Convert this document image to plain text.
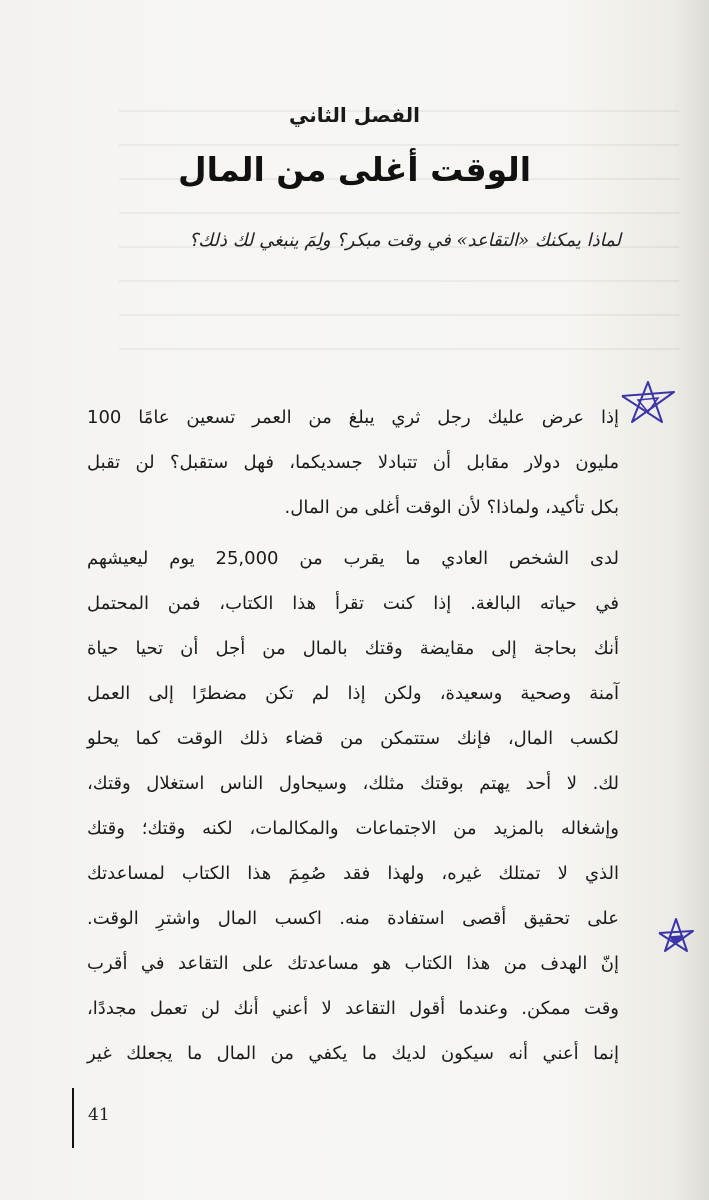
الفصل الثاني
الوقت أغلى من المال
لماذا يمكنك «التقاعد» في وقت مبكر؟ ولِمَ ينبغي لك ذلك؟

إذا عرض عليك رجل ثري يبلغ من العمر تسعين عامًا 100
مليون دولار مقابل أن تتبادلا جسديكما، فهل ستقبل؟ لن تقبل
بكل تأكيد، ولماذا؟ لأن الوقت أغلى من المال.

لدى الشخص العادي ما يقرب من 25,000 يوم ليعيشهم
في حياته البالغة. إذا كنت تقرأ هذا الكتاب، فمن المحتمل
أنك بحاجة إلى مقايضة وقتك بالمال من أجل أن تحيا حياة
آمنة وصحية وسعيدة، ولكن إذا لم تكن مضطرًا إلى العمل
لكسب المال، فإنك ستتمكن من قضاء ذلك الوقت كما يحلو
لك. لا أحد يهتم بوقتك مثلك، وسيحاول الناس استغلال وقتك،
وإشغاله بالمزيد من الاجتماعات والمكالمات، لكنه وقتك؛ وقتك
الذي لا تمتلك غيره، ولهذا فقد صُمِمَ هذا الكتاب لمساعدتك
على تحقيق أقصى استفادة منه. اكسب المال واشترِ الوقت.
إنّ الهدف من هذا الكتاب هو مساعدتك على التقاعد في أقرب
وقت ممكن. وعندما أقول التقاعد لا أعني أنك لن تعمل مجددًا،
إنما أعني أنه سيكون لديك ما يكفي من المال ما يجعلك غير

41
